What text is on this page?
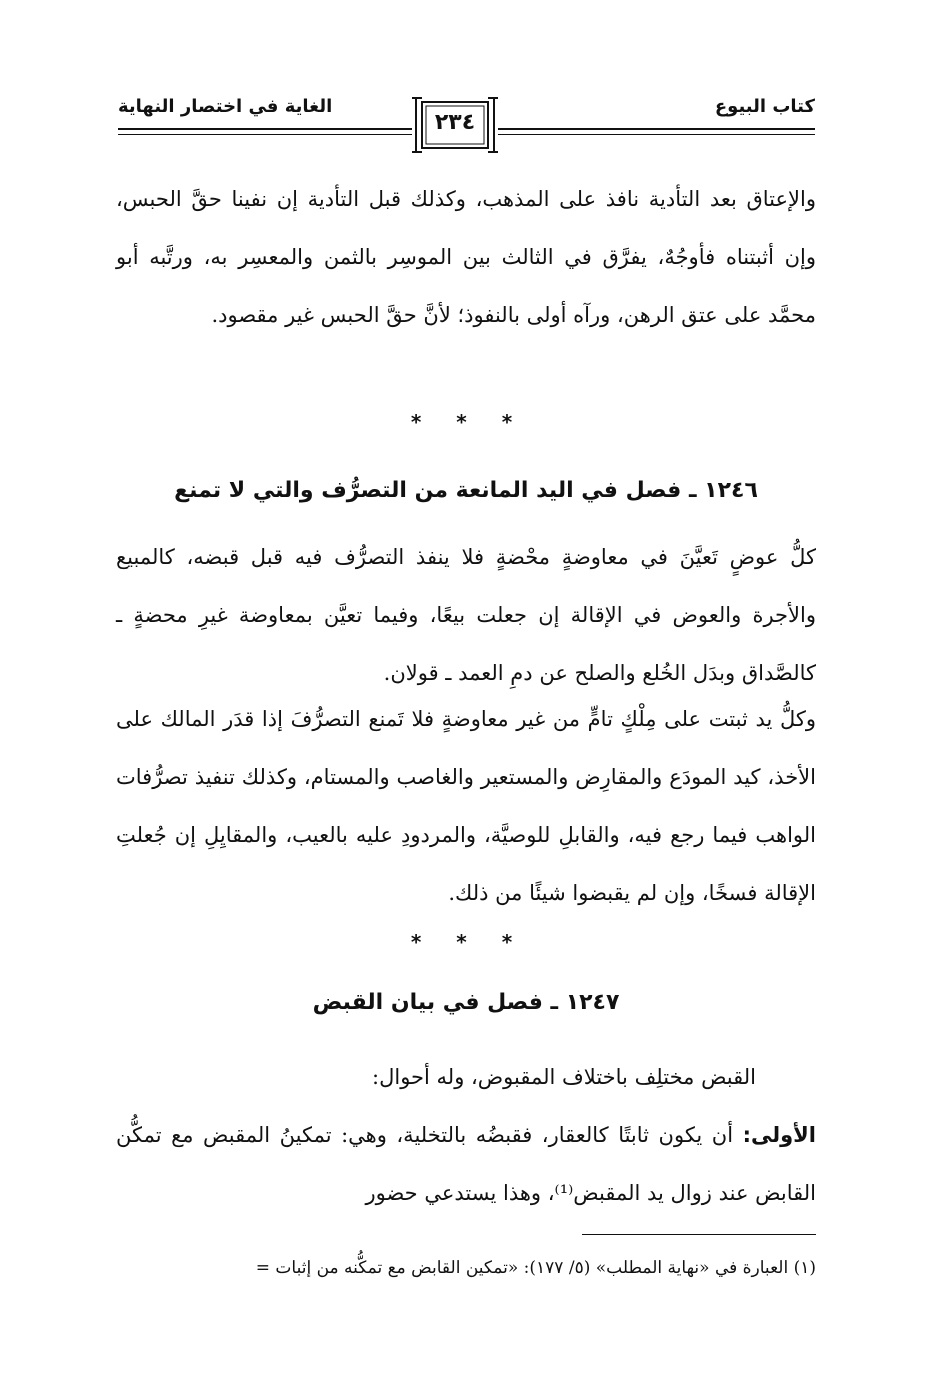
كتاب البيوع
الغاية في اختصار النهاية
٢٣٤
والإعتاق بعد التأدية نافذ على المذهب، وكذلك قبل التأدية إن نفينا حقَّ الحبس، وإن أثبتناه فأوجُهٌ، يفرَّق في الثالث بين الموسِر بالثمن والمعسِر به، ورتَّبه أبو محمَّد على عتق الرهن، ورآه أولى بالنفوذ؛ لأنَّ حقَّ الحبس غير مقصود.
* * *
١٢٤٦ ـ فصل في اليد المانعة من التصرُّف والتي لا تمنع
كلُّ عوضٍ تَعيَّنَ في معاوضةٍ محْضةٍ فلا ينفذ التصرُّف فيه قبل قبضه، كالمبيع والأجرة والعوض في الإقالة إن جعلت بيعًا، وفيما تعيَّن بمعاوضة غيرِ محضةٍ ـ كالصَّداق وبدَل الخُلع والصلح عن دمِ العمد ـ قولان.
وكلُّ يد ثبتت على مِلْكٍ تامٍّ من غير معاوضةٍ فلا تَمنع التصرُّفَ إذا قدَر المالك على الأخذ، كيد المودَع والمقارِض والمستعير والغاصب والمستام، وكذلك تنفيذ تصرُّفات الواهب فيما رجع فيه، والقابلِ للوصيَّة، والمردودِ عليه بالعيب، والمقايِلِ إن جُعلتِ الإقالة فسخًا، وإن لم يقبضوا شيئًا من ذلك.
* * *
١٢٤٧ ـ فصل في بيان القبض
القبض مختلِف باختلاف المقبوض، وله أحوال:
الأولى: أن يكون ثابتًا كالعقار، فقبضُه بالتخلية، وهي: تمكينُ المقبض مع تمكُّن القابض عند زوال يد المقبض⁽¹⁾، وهذا يستدعي حضور
(١) العبارة في «نهاية المطلب» (٥/ ١٧٧): «تمكين القابض مع تمكُّنه من إثبات =
